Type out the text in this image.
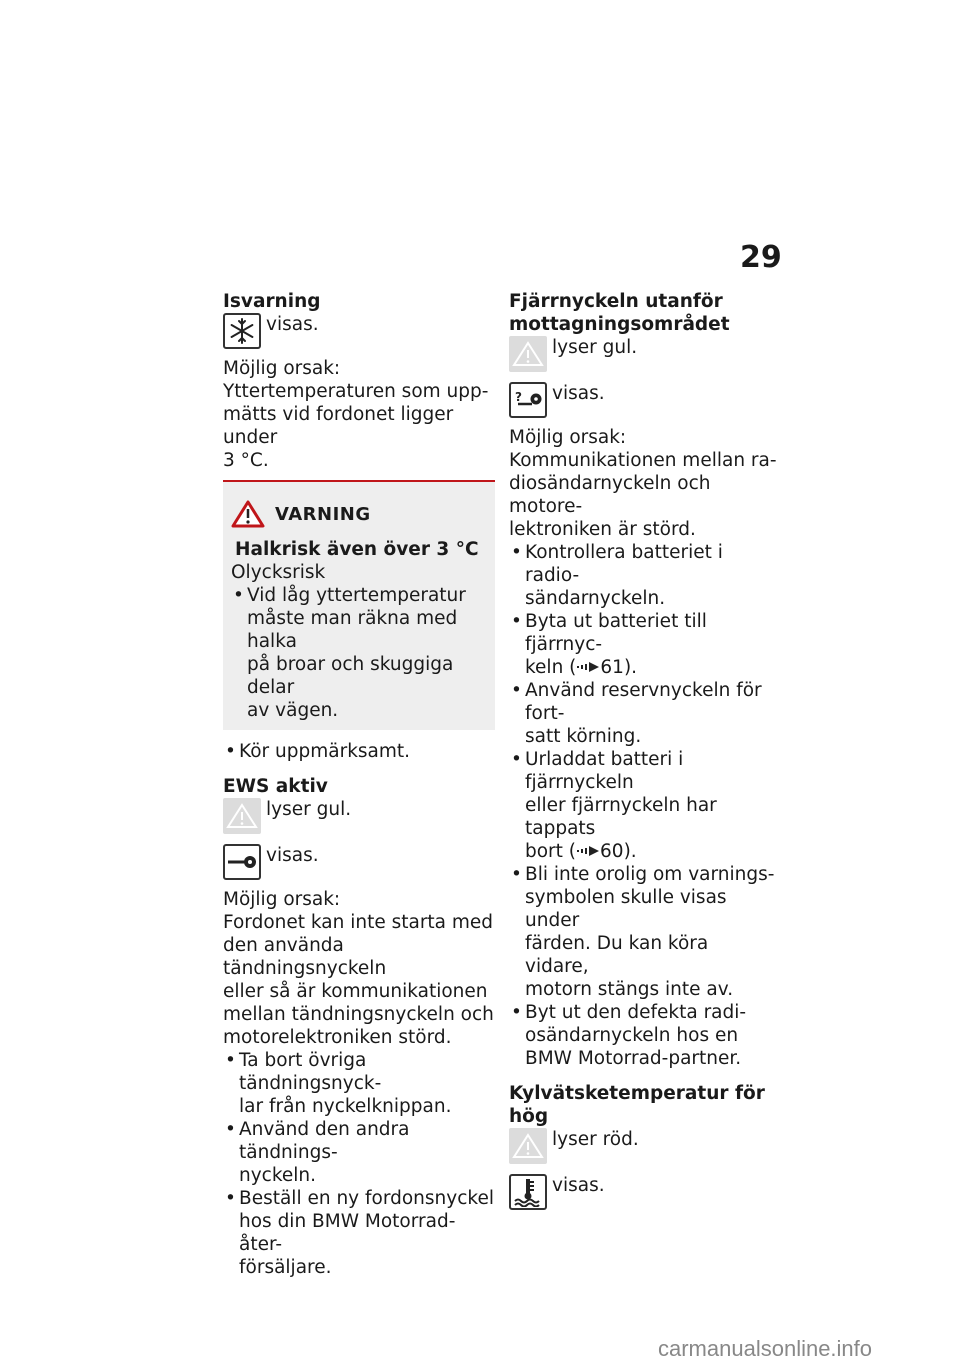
29

Isvarning

visas.

Möjlig orsak:

Yttertemperaturen som upp-

mätts vid fordonet ligger under

3 °C.

VARNING

Halkrisk även över 3 °C

Olycksrisk

• Vid låg yttertemperatur

måste man räkna med halka

på broar och skuggiga delar

av vägen.

• Kör uppmärksamt.

EWS aktiv

lyser gul.
visas.

Möjlig orsak:

Fordonet kan inte starta med

den använda tändningsnyckeln

eller så är kommunikationen

mellan tändningsnyckeln och

motorelektroniken störd.

• Ta bort övriga tändningsnyck-

lar från nyckelknippan.

• Använd den andra tändnings-

nyckeln.

• Beställ en ny fordonsnyckel

hos din BMW Motorrad-åter-

försäljare.

Fjärrnyckeln utanför

mottagningsområdet

lyser gul.
? visas.

Möjlig orsak:

Kommunikationen mellan ra-

diosändarnyckeln och motore-

lektroniken är störd.

• Kontrollera batteriet i radio-

sändarnyckeln.

• Byta ut batteriet till fjärrnyc-

keln ( 61).

• Använd reservnyckeln för fort-

satt körning.

• Urladdat batteri i fjärrnyckeln

eller fjärrnyckeln har tappats

bort ( 60).

• Bli inte orolig om varnings-

symbolen skulle visas under

färden. Du kan köra vidare,

motorn stängs inte av.

• Byt ut den defekta radi-

osändarnyckeln hos en

BMW Motorrad-partner.

Kylvätsketemperatur för hög

lyser röd.
visas.
carmanualsonline.info
